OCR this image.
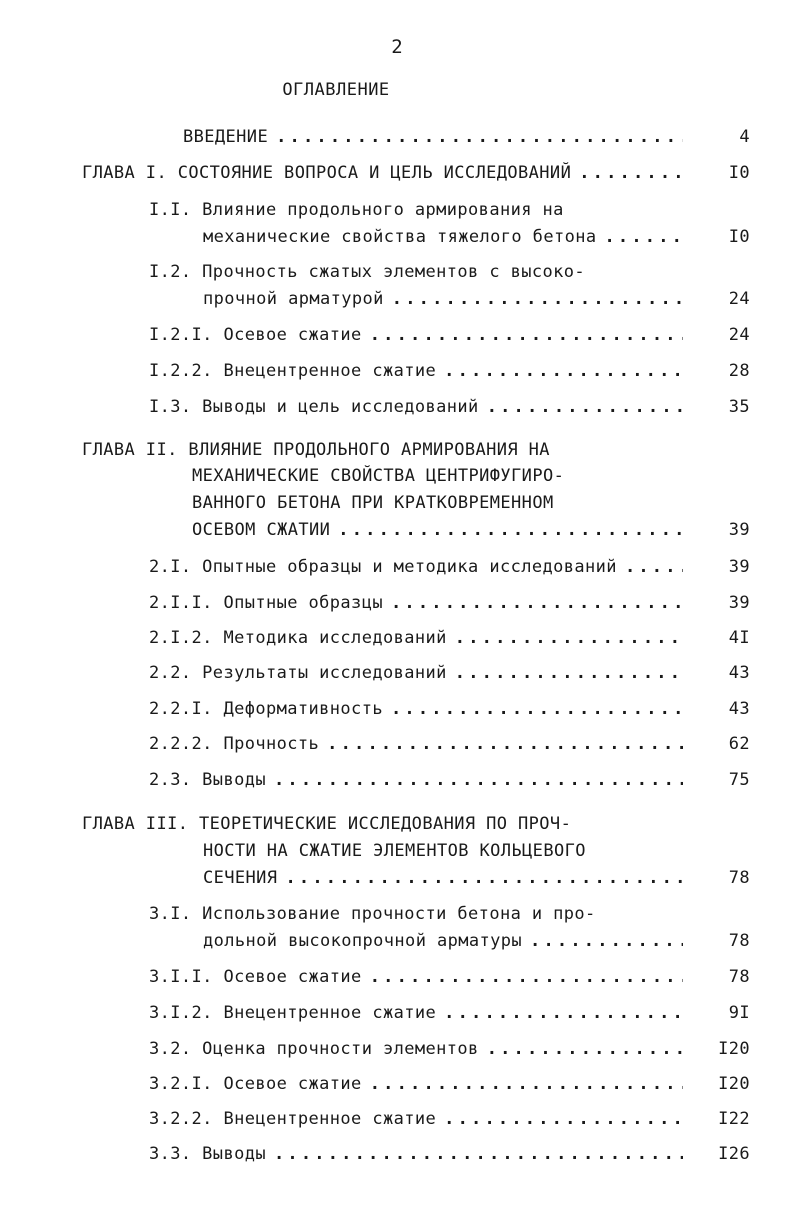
2
ОГЛАВЛЕНИЕ
ВВЕДЕНИЕ .....	4
ГЛАВА I. СОСТОЯНИЕ ВОПРОСА И ЦЕЛЬ ИССЛЕДОВАНИЙ .....	I0
I.I. Влияние продольного армирования на
механические свойства тяжелого бетона .....	I0
I.2. Прочность сжатых элементов с высоко-
прочной арматурой .....	24
I.2.I. Осевое сжатие .....	24
I.2.2. Внецентренное сжатие .....	28
I.3. Выводы и цель исследований .....	35
ГЛАВА II. ВЛИЯНИЕ ПРОДОЛЬНОГО АРМИРОВАНИЯ НА
МЕХАНИЧЕСКИЕ СВОЙСТВА ЦЕНТРИФУГИРО-
ВАННОГО БЕТОНА ПРИ КРАТКОВРЕМЕННОМ
ОСЕВОМ СЖАТИИ .....	39
2.I. Опытные образцы и методика исследований .....	39
2.I.I. Опытные образцы .....	39
2.I.2. Методика исследований .....	4I
2.2. Результаты исследований .....	43
2.2.I. Деформативность .....	43
2.2.2. Прочность .....	62
2.3. Выводы .....	75
ГЛАВА III. ТЕОРЕТИЧЕСКИЕ ИССЛЕДОВАНИЯ ПО ПРОЧ-
НОСТИ НА СЖАТИЕ ЭЛЕМЕНТОВ КОЛЬЦЕВОГО
СЕЧЕНИЯ .....	78
3.I. Использование прочности бетона и про-
дольной высокопрочной арматуры .....	78
3.I.I. Осевое сжатие .....	78
3.I.2. Внецентренное сжатие .....	9I
3.2. Оценка прочности элементов .....	I20
3.2.I. Осевое сжатие .....	I20
3.2.2. Внецентренное сжатие .....	I22
3.3. Выводы .....	I26
